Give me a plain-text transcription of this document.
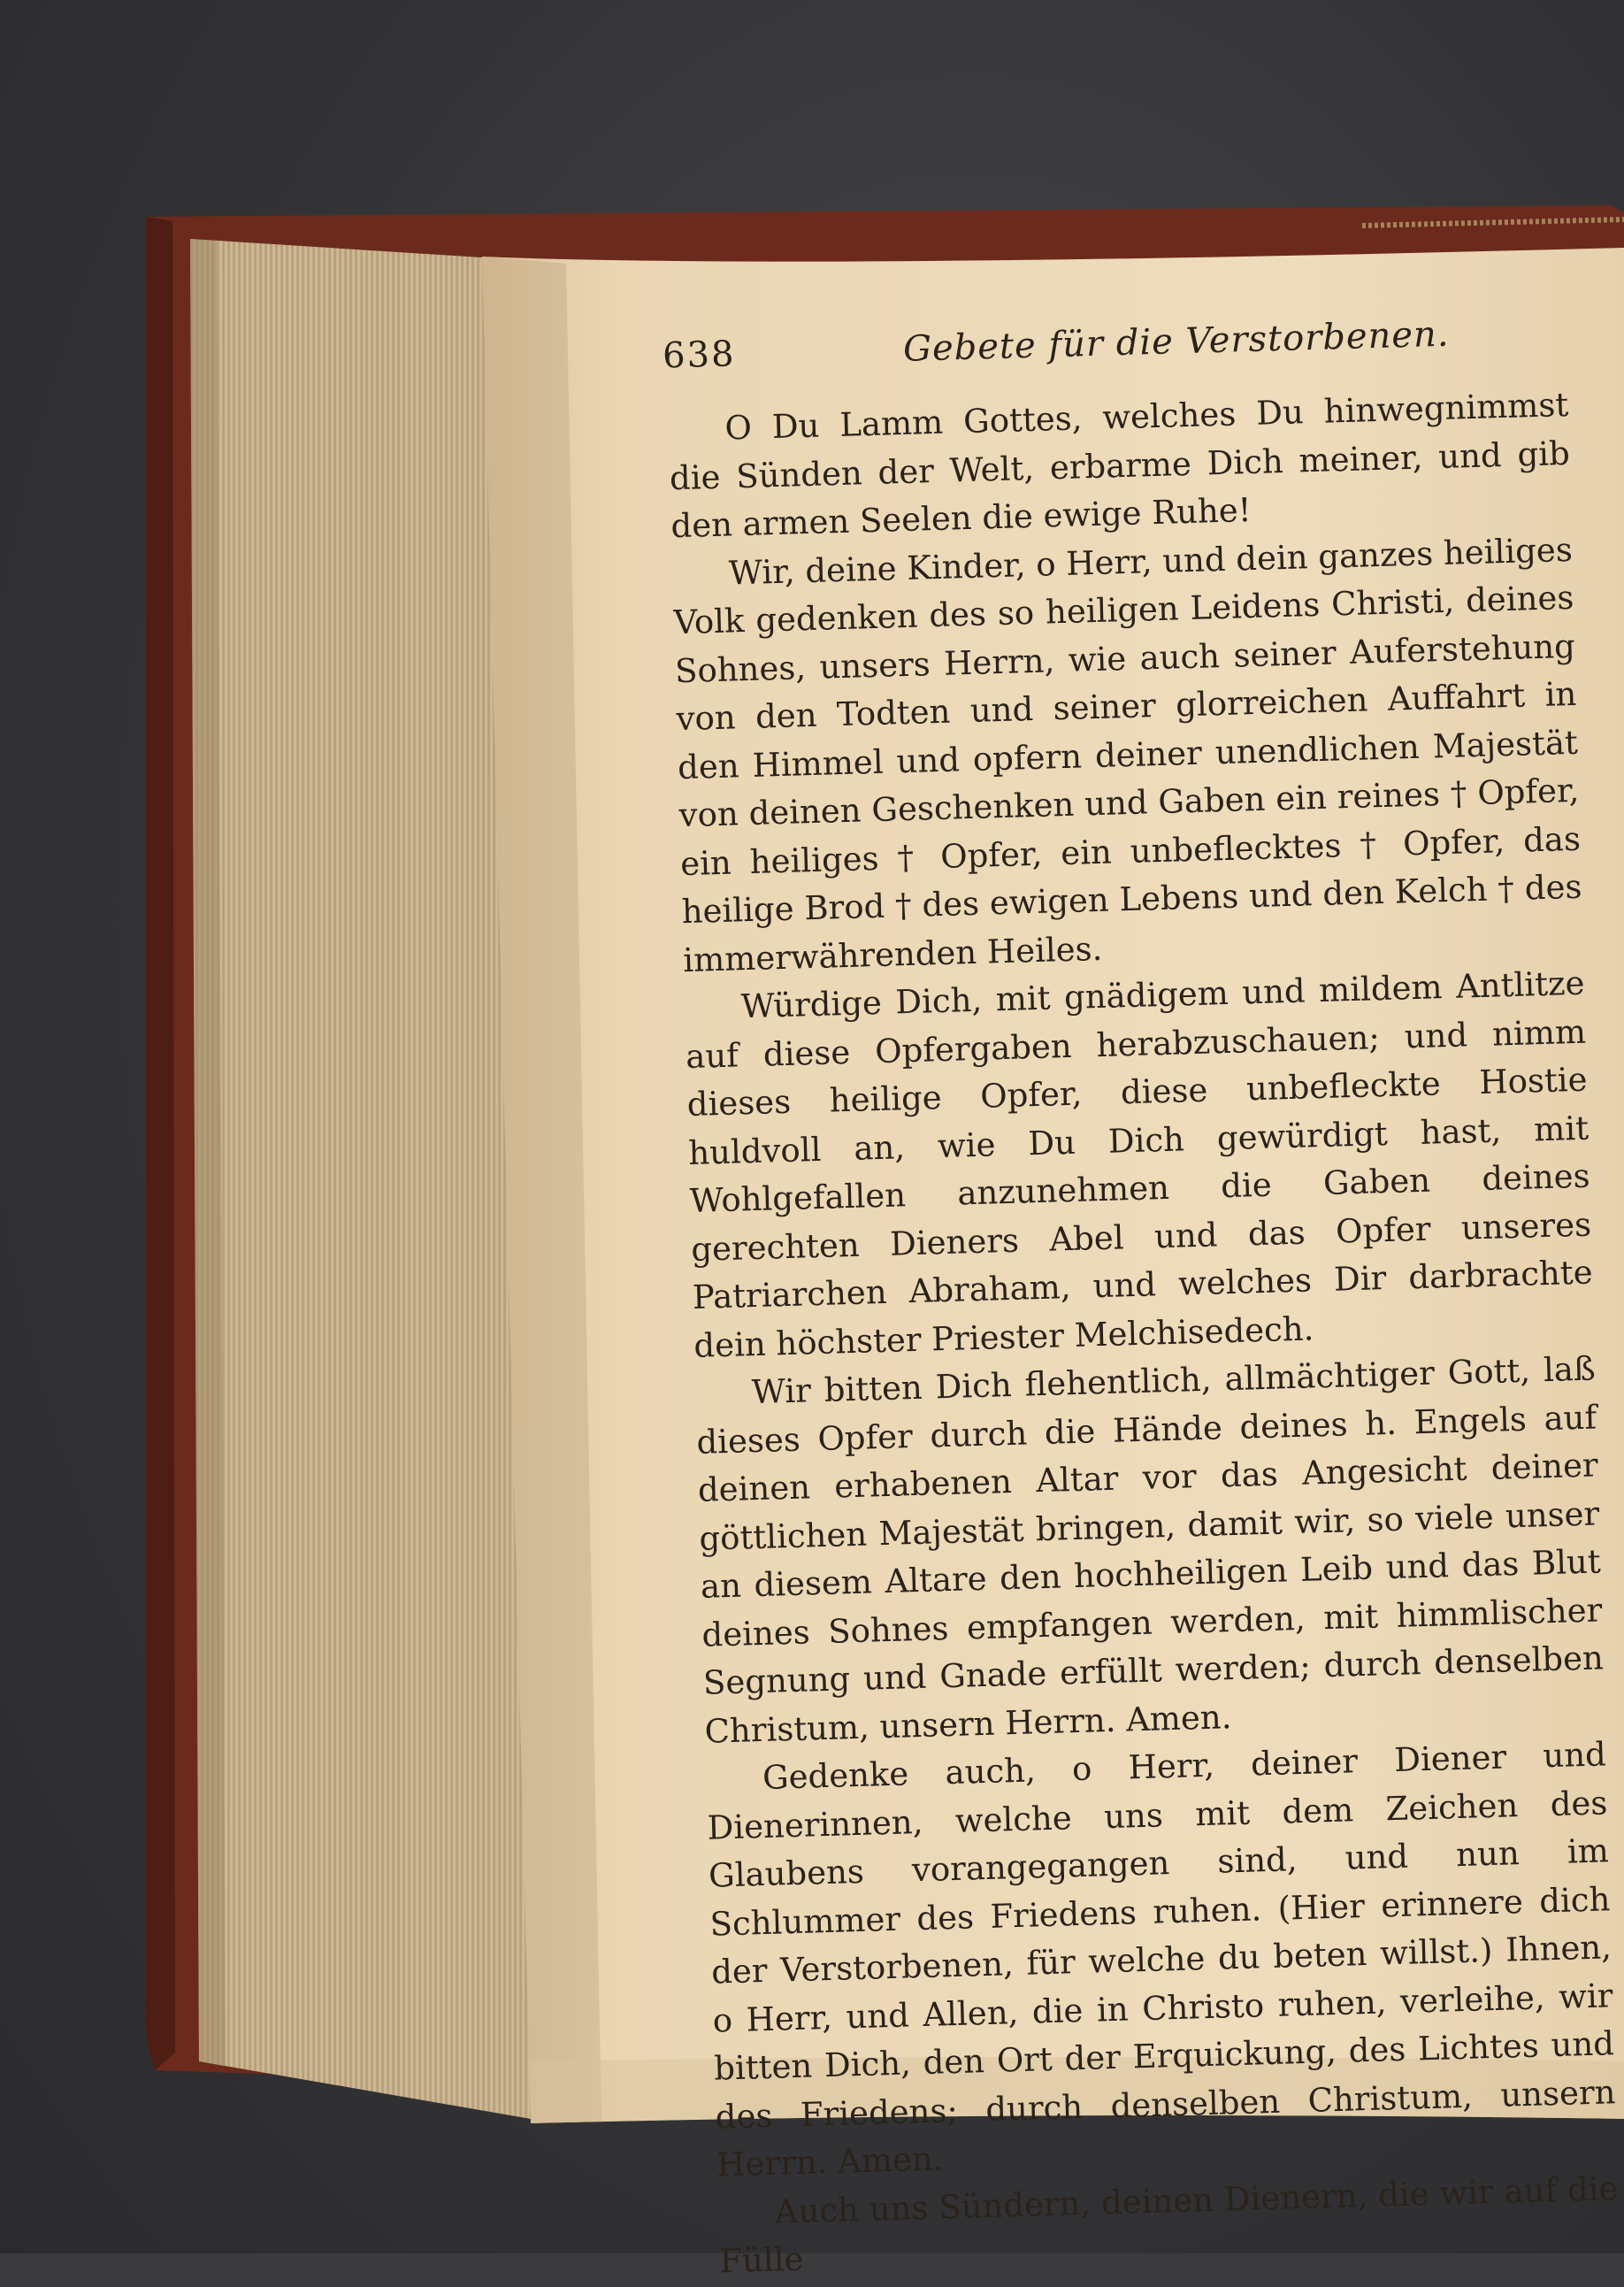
638	Gebete für die Verstorbenen.

O Du Lamm Gottes, welches Du hinwegnimmst die Sünden der Welt, erbarme Dich meiner, und gib den armen Seelen die ewige Ruhe!

Wir, deine Kinder, o Herr, und dein ganzes heiliges Volk gedenken des so heiligen Leidens Christi, deines Sohnes, unsers Herrn, wie auch seiner Auferstehung von den Todten und seiner glorreichen Auffahrt in den Himmel und opfern deiner unendlichen Majestät von deinen Geschenken und Gaben ein reines † Opfer, ein heiliges † Opfer, ein unbeflecktes † Opfer, das heilige Brod † des ewigen Lebens und den Kelch † des immerwährenden Heiles.

Würdige Dich, mit gnädigem und mildem Antlitze auf diese Opfergaben herabzuschauen; und nimm dieses heilige Opfer, diese unbefleckte Hostie huldvoll an, wie Du Dich gewürdigt hast, mit Wohlgefallen anzunehmen die Gaben deines gerechten Dieners Abel und das Opfer unseres Patriarchen Abraham, und welches Dir darbrachte dein höchster Priester Melchisedech.

Wir bitten Dich flehentlich, allmächtiger Gott, laß dieses Opfer durch die Hände deines h. Engels auf deinen erhabenen Altar vor das Angesicht deiner göttlichen Majestät bringen, damit wir, so viele unser an diesem Altare den hochheiligen Leib und das Blut deines Sohnes empfangen werden, mit himmlischer Segnung und Gnade erfüllt werden; durch denselben Christum, unsern Herrn. Amen.

Gedenke auch, o Herr, deiner Diener und Dienerinnen, welche uns mit dem Zeichen des Glaubens vorangegangen sind, und nun im Schlummer des Friedens ruhen. (Hier erinnere dich der Verstorbenen, für welche du beten willst.) Ihnen, o Herr, und Allen, die in Christo ruhen, verleihe, wir bitten Dich, den Ort der Erquickung, des Lichtes und des Friedens; durch denselben Christum, unsern Herrn. Amen.

Auch uns Sündern, deinen Dienern, die wir auf die Fülle
